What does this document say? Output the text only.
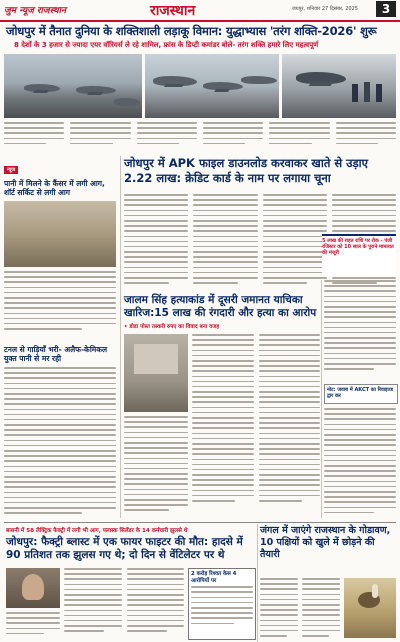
जुम न्यूज राजस्थान	राजस्थान	जयपुर, शनिवार 27 दिसंबर, 2025	3
जोधपुर में तैनात दुनिया के शक्तिशाली लड़ाकू विमान: युद्धाभ्यास 'तरंग शक्ति-2026' शुरू
8 देशों के 3 हजार से ज्यादा एयर वॉरियर्स ले रहे शामिल, फ्रांस के डिप्टी कमांडर बोले- तरंग शक्ति हमारे लिए महत्वपूर्ण
न्यूज
पानी में मिलने के कैंसर में लगी आग, शॉर्ट सर्किट से लगी आग
टनल से गाड़ियाँ भरी- अलैफ-केमिकल युक्त पानी से मर रही
जोधपुर में APK फाइल डाउनलोड करवाकर खाते से उड़ाए 2.22 लाख: क्रेडिट कार्ड के नाम पर लगाया चूना
5 लाख की राहत राशि पर रोक - पंजी रजिस्टर को 10 साल के पुराने मामलात की मंजूरी
जालम सिंह हत्याकांड में दूसरी जमानत याचिका खारिज:15 लाख की रंगदारी और हत्या का आरोप
• डोडा पोस्त तस्करी रुपए का विवाद बना वजह
नोट: जवाब में AKCT का रिवाइज्ड द्वार कर
बासनी में 58 लैक्ट्रिक फैक्ट्री में लगी भी आग, फ्लास्क सिलेंडर के 14 कर्मचारी झुलसे थे
जोधपुर: फैक्ट्री ब्लास्ट में एक फायर फाइटर की मौत: हादसे में 90 प्रतिशत तक झुलस गए थे; दो दिन से वेंटिलेटर पर थे
2 करोड़ रिश्वत केस 4 आरोपियों पर
जंगल में जाएंगे राजस्थान के गोडावण, 10 पक्षियों को खुले में छोड़ने की तैयारी
